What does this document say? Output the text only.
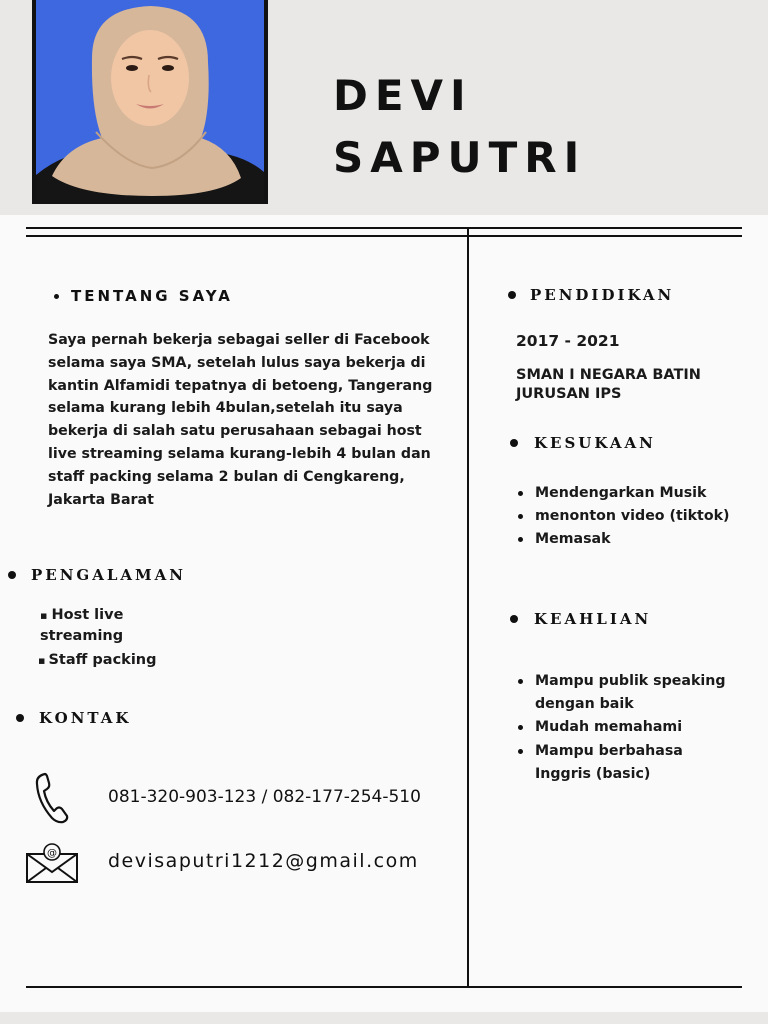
DEVI
SAPUTRI
TENTANG SAYA
Saya pernah bekerja sebagai seller di Facebook
selama saya SMA, setelah lulus saya bekerja di
kantin Alfamidi tepatnya di betoeng, Tangerang
selama kurang lebih 4bulan,setelah itu saya
bekerja di salah satu perusahaan sebagai host
live streaming selama kurang-lebih 4 bulan dan
staff packing selama 2 bulan di Cengkareng,
Jakarta Barat
PENGALAMAN
▪ Host live
streaming
▪ Staff packing
KONTAK
081-320-903-123 / 082-177-254-510
@	devisaputri1212@gmail.com
PENDIDIKAN
2017 - 2021
SMAN I NEGARA BATIN
JURUSAN IPS
KESUKAAN
Mendengarkan Musik
menonton video (tiktok)
Memasak
KEAHLIAN
Mampu publik speaking
dengan baik
Mudah memahami
Mampu berbahasa
Inggris (basic)
